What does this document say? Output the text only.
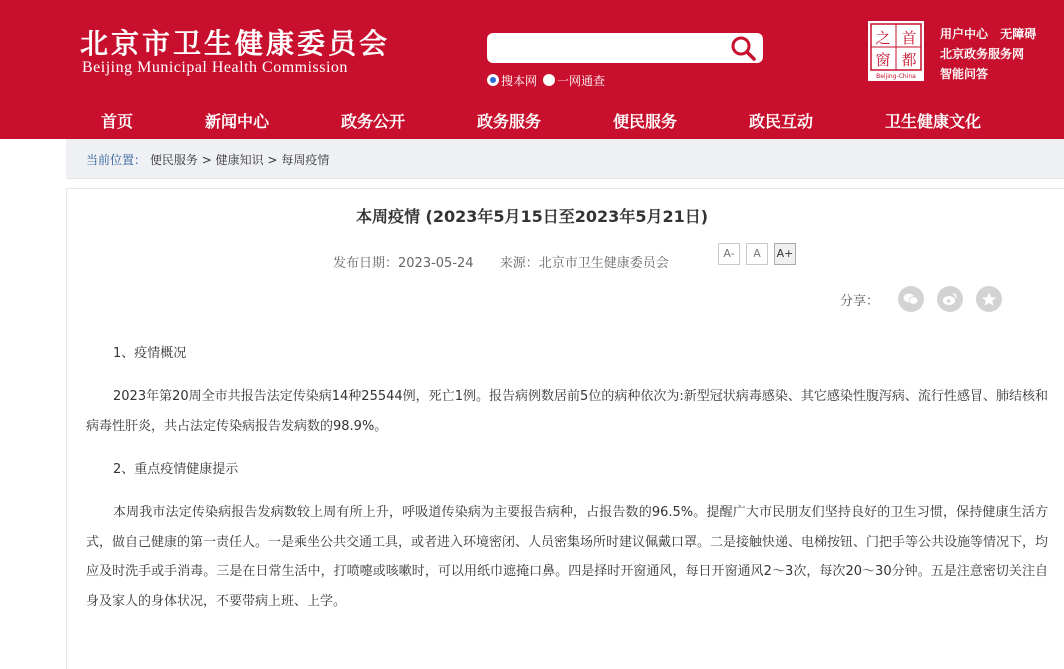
北京市卫生健康委员会
Beijing Municipal Health Commission
搜本网 一网通查
之 首
窗 都
Beijing-China
用户中心 无障碍
北京政务服务网
智能问答
首页	新闻中心	政务公开	政务服务	便民服务	政民互动	卫生健康文化
当前位置： 便民服务 > 健康知识 > 每周疫情
本周疫情 (2023年5月15日至2023年5月21日)
发布日期：2023-05-24 来源：北京市卫生健康委员会
A-	A	A+
分享：
1、疫情概况
2023年第20周全市共报告法定传染病14种25544例，死亡1例。报告病例数居前5位的病种依次为:新型冠状病毒感染、其它感染性腹泻病、流行性感冒、肺结核和病毒性肝炎，共占法定传染病报告发病数的98.9%。
2、重点疫情健康提示
本周我市法定传染病报告发病数较上周有所上升，呼吸道传染病为主要报告病种，占报告数的96.5%。提醒广大市民朋友们坚持良好的卫生习惯，保持健康生活方式，做自己健康的第一责任人。一是乘坐公共交通工具，或者进入环境密闭、人员密集场所时建议佩戴口罩。二是接触快递、电梯按钮、门把手等公共设施等情况下，均应及时洗手或手消毒。三是在日常生活中，打喷嚏或咳嗽时，可以用纸巾遮掩口鼻。四是择时开窗通风，每日开窗通风2～3次，每次20～30分钟。五是注意密切关注自身及家人的身体状况，不要带病上班、上学。
